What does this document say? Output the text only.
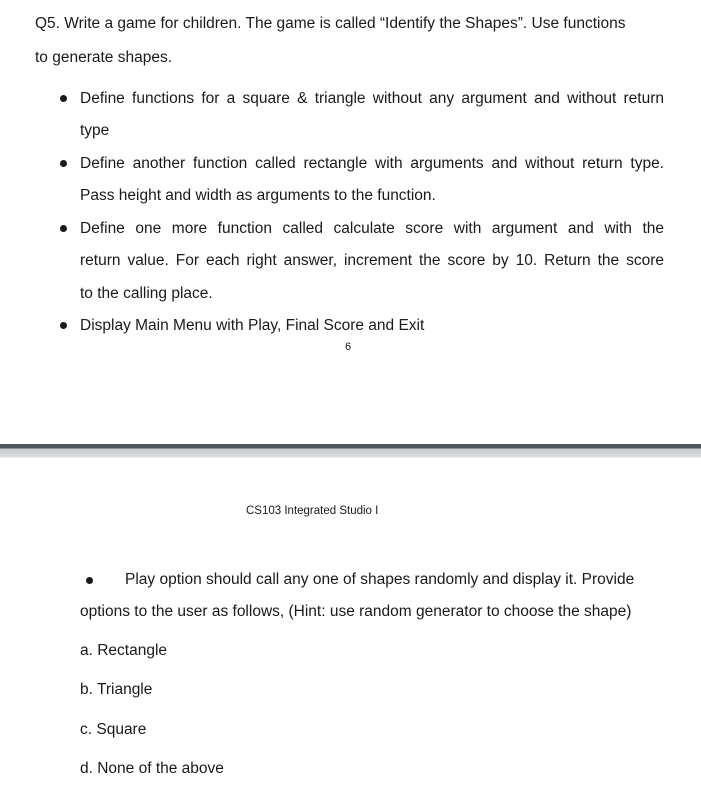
Q5. Write a game for children. The game is called “Identify the Shapes”. Use functions
to generate shapes.
Define functions for a square & triangle without any argument and without return
type
Define another function called rectangle with arguments and without return type.
Pass height and width as arguments to the function.
Define one more function called calculate score with argument and with the
return value. For each right answer, increment the score by 10. Return the score
to the calling place.
Display Main Menu with Play, Final Score and Exit
6
CS103 Integrated Studio I
Play option should call any one of shapes randomly and display it. Provide
options to the user as follows, (Hint: use random generator to choose the shape)
a. Rectangle
b. Triangle
c. Square
d. None of the above
